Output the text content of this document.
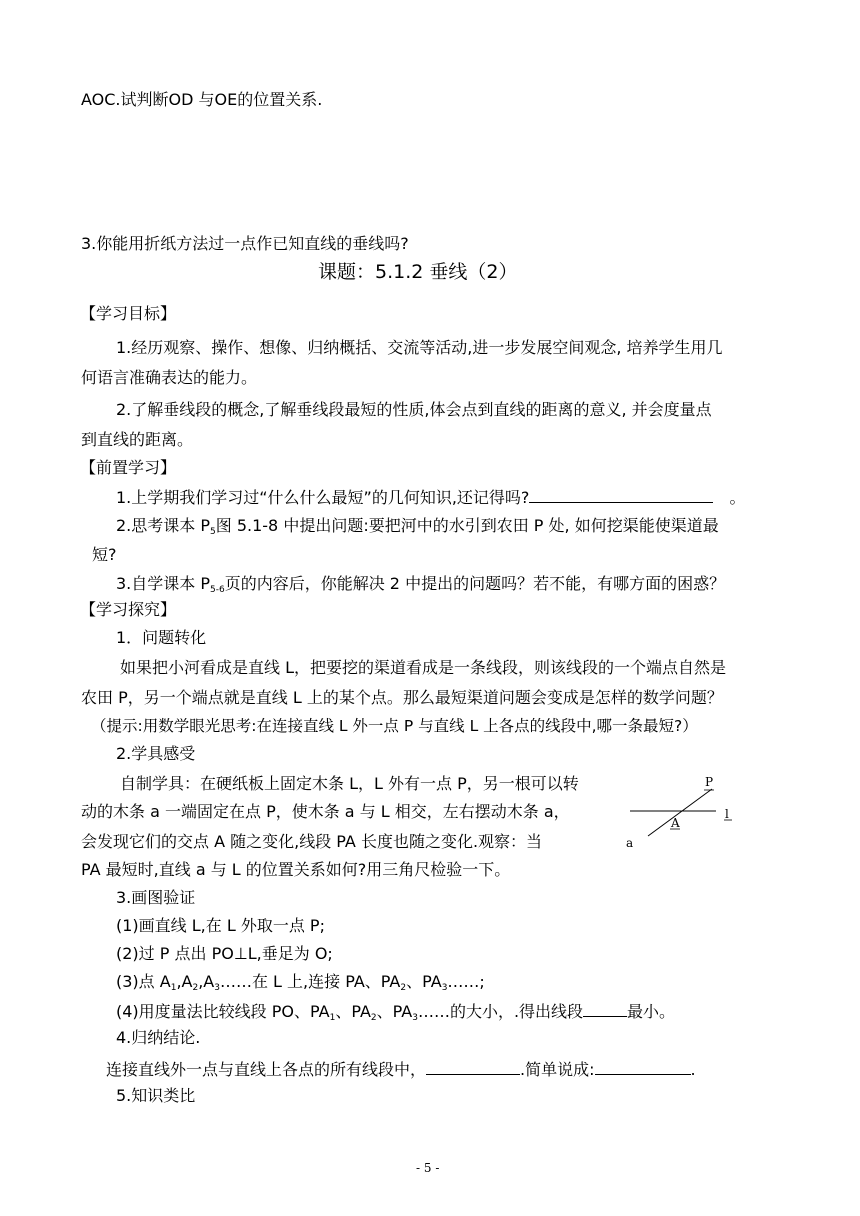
AOC.试判断OD 与OE的位置关系.
3.你能用折纸方法过一点作已知直线的垂线吗?
课题：5.1.2 垂线（2）
【学习目标】
1.经历观察、操作、想像、归纳概括、交流等活动,进一步发展空间观念, 培养学生用几
何语言准确表达的能力。
2.了解垂线段的概念,了解垂线段最短的性质,体会点到直线的距离的意义, 并会度量点
到直线的距离。
【前置学习】
1.上学期我们学习过“什么什么最短”的几何知识,还记得吗?	。
2.思考课本 $P_5$图 5.1-8 中提出问题:要把河中的水引到农田 P 处, 如何挖渠能使渠道最
短?
3.自学课本 $P_{5-6}$页的内容后，你能解决 2 中提出的问题吗？若不能，有哪方面的困惑？
【学习探究】
1．问题转化
如果把小河看成是直线 L，把要挖的渠道看成是一条线段，则该线段的一个端点自然是
农田 P，另一个端点就是直线 L 上的某个点。那么最短渠道问题会变成是怎样的数学问题？
（提示:用数学眼光思考:在连接直线 L 外一点 P 与直线 L 上各点的线段中,哪一条最短?）
2.学具感受
自制学具：在硬纸板上固定木条 L，L 外有一点 P，另一根可以转
动的木条 a 一端固定在点 P，使木条 a 与 L 相交，左右摆动木条 a，
会发现它们的交点 A 随之变化,线段 PA 长度也随之变化.观察：当
PA 最短时,直线 a 与 L 的位置关系如何?用三角尺检验一下。
P
l
A
a
3.画图验证
(1)画直线 L,在 L 外取一点 P;
(2)过 P 点出 PO⊥L,垂足为 O;
(3)点 $A_1,A_2,A_3\dots\dots$在 L 上,连接 PA、$PA_2$、$PA_3\dots\dots$;
(4)用度量法比较线段 PO、$PA_1$、$PA_2$、$PA_3\dots\dots$的大小，.得出线段	最小。
4.归纳结论.
连接直线外一点与直线上各点的所有线段中，	.简单说成:	.
5.知识类比
- 5 -
